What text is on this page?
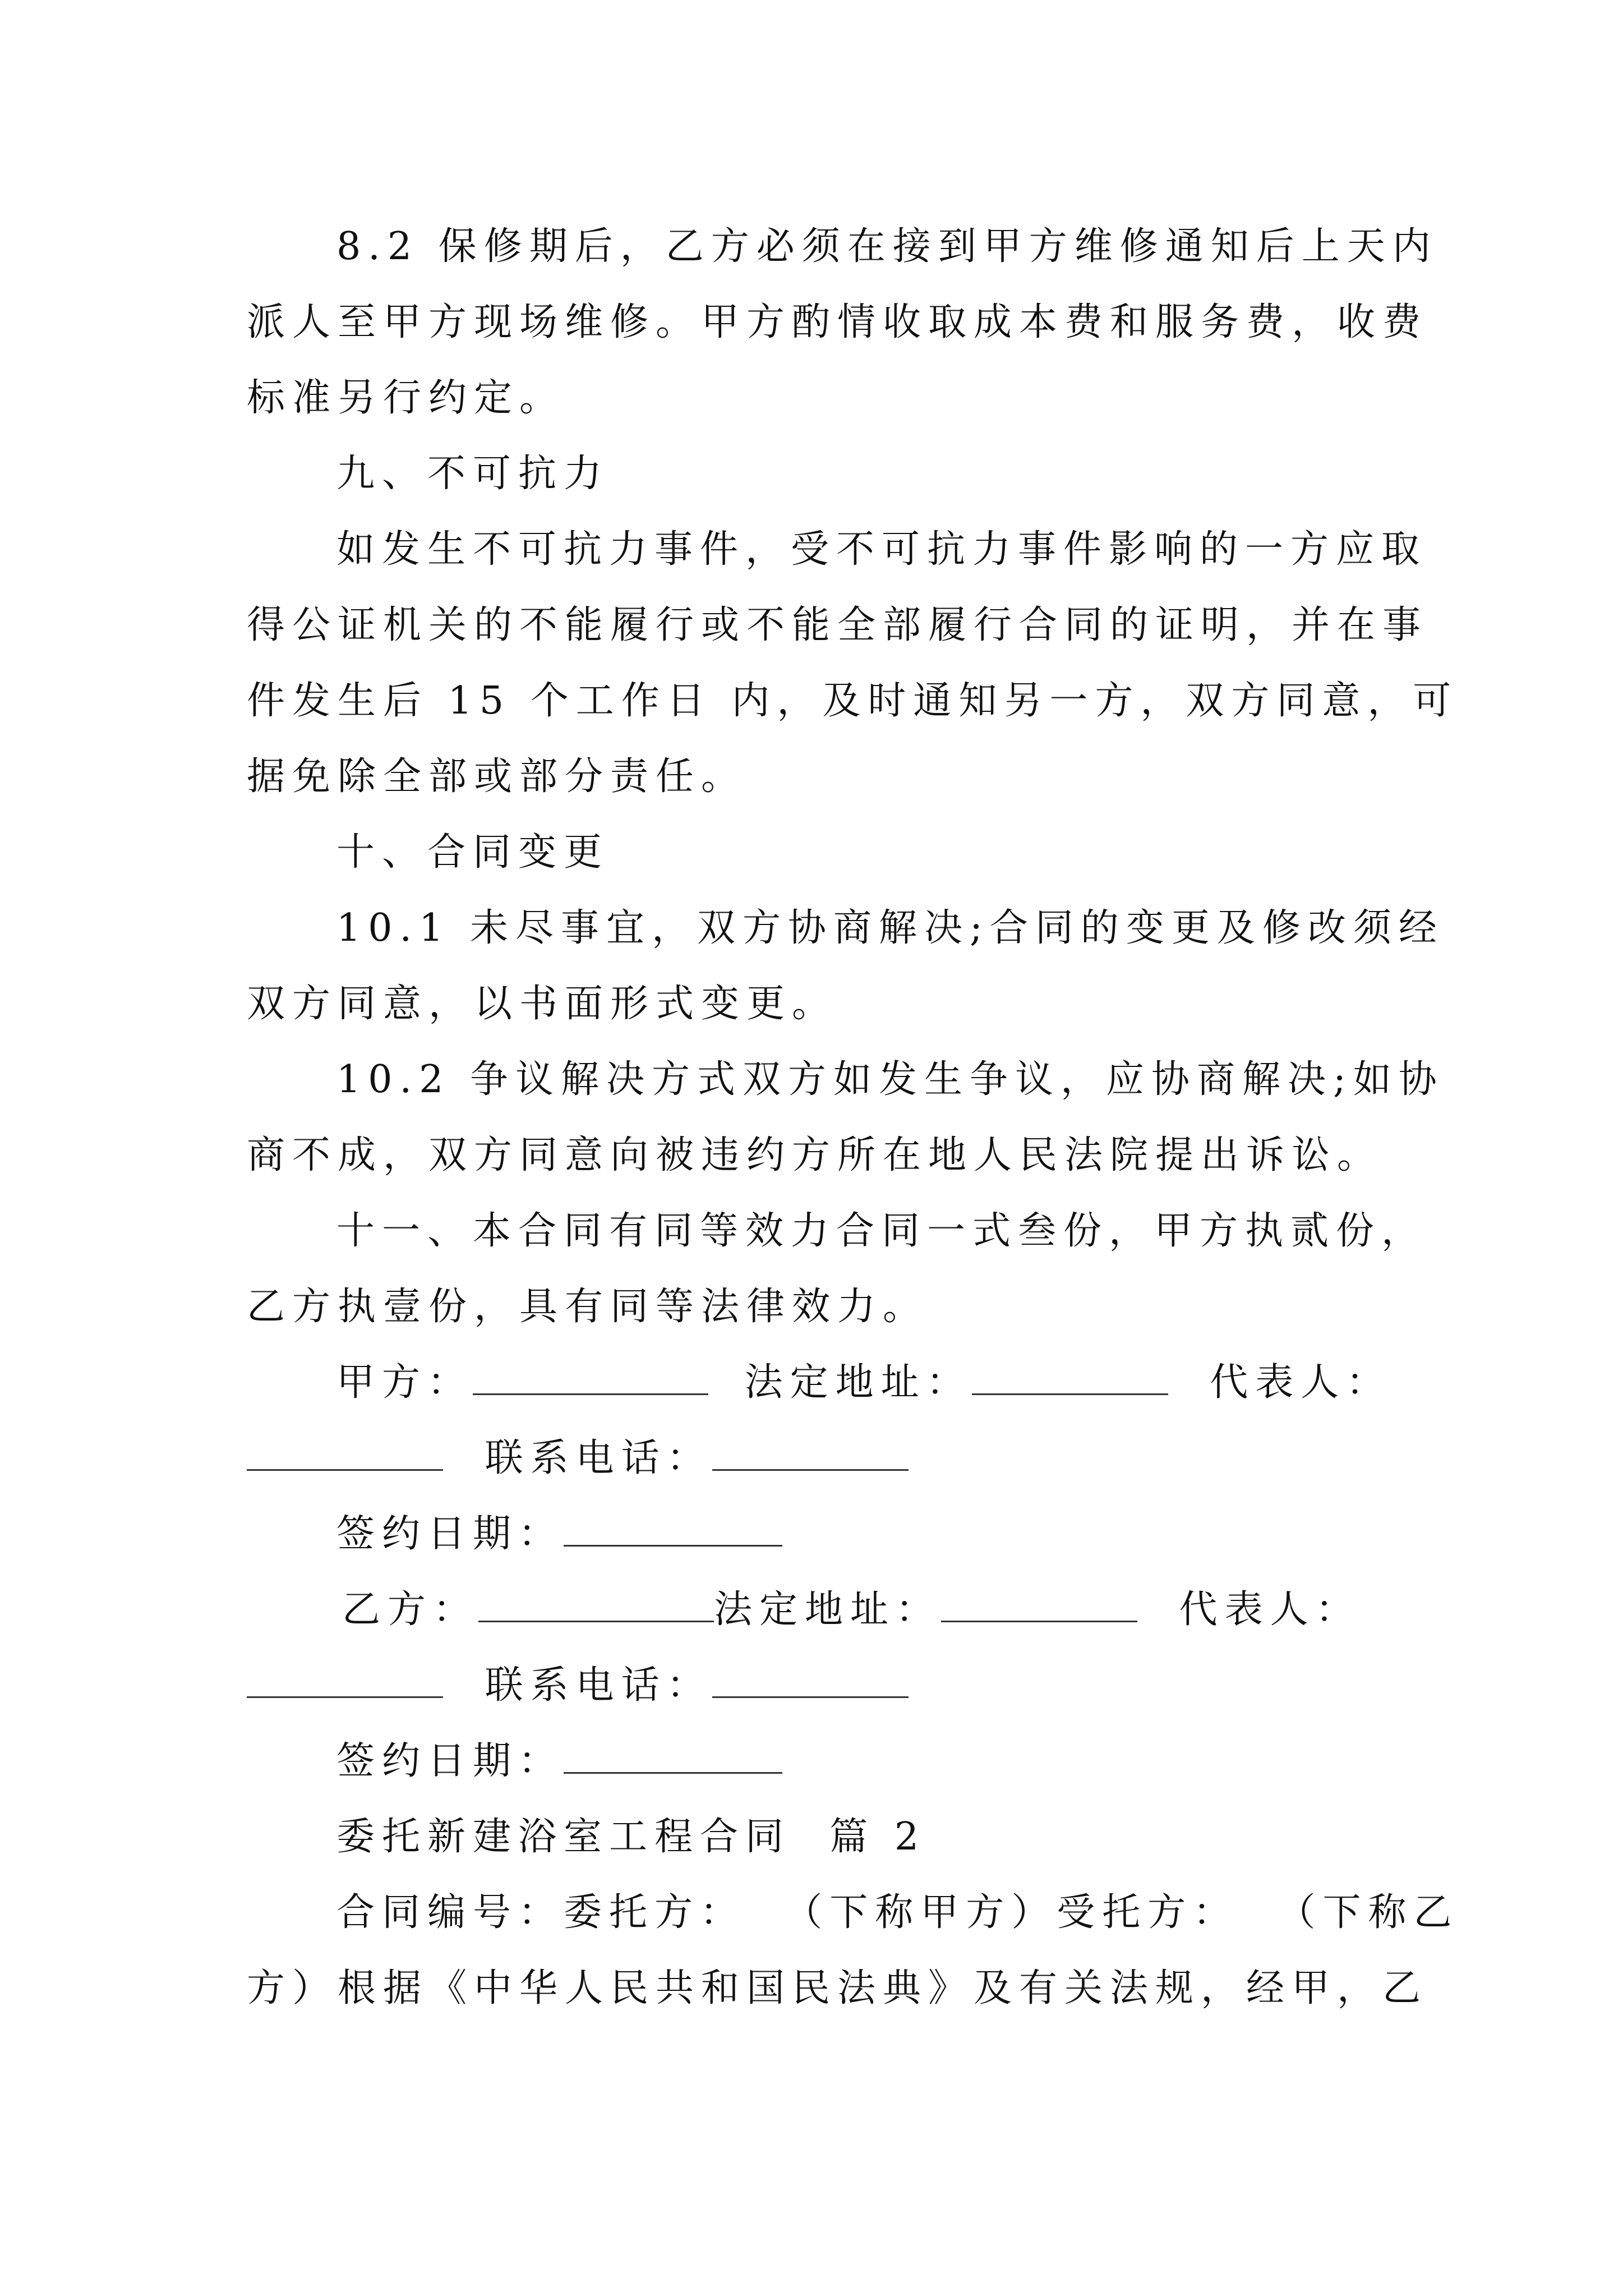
8.2 保修期后，乙方必须在接到甲方维修通知后上天内
派人至甲方现场维修。甲方酌情收取成本费和服务费，收费
标准另行约定。
九、不可抗力
如发生不可抗力事件，受不可抗力事件影响的一方应取
得公证机关的不能履行或不能全部履行合同的证明，并在事
件发生后 15 个工作日 内，及时通知另一方，双方同意，可
据免除全部或部分责任。
十、合同变更
10.1 未尽事宜，双方协商解决;合同的变更及修改须经
双方同意，以书面形式变更。
10.2 争议解决方式双方如发生争议，应协商解决;如协
商不成，双方同意向被违约方所在地人民法院提出诉讼。
十一、本合同有同等效力合同一式叁份，甲方执贰份，
乙方执壹份，具有同等法律效力。
甲方：	法定地址：	代表人：
联系电话：
签约日期：
乙方：	法定地址：	代表人：
联系电话：
签约日期：
委托新建浴室工程合同  篇 2
合同编号：委托方：  （下称甲方）受托方：  （下称乙
方）根据《中华人民共和国民法典》及有关法规，经甲，乙
